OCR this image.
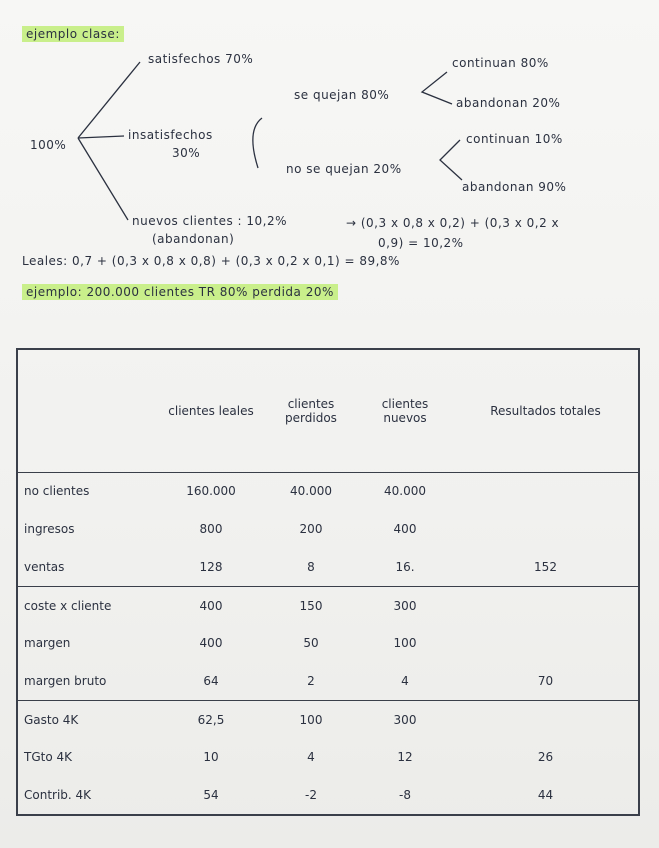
ejemplo clase:
100%
satisfechos 70%
insatisfechos
30%
se quejan 80%
continuan 80%
abandonan 20%
no se quejan 20%
continuan 10%
abandonan 90%
nuevos clientes : 10,2%
(abandonan)
→ (0,3 x 0,8 x 0,2) + (0,3 x 0,2 x
0,9) = 10,2%
Leales: 0,7 + (0,3 x 0,8 x 0,8) + (0,3 x 0,2 x 0,1) = 89,8%
ejemplo: 200.000 clientes TR 80% perdida 20%
	clientes leales	clientes perdidos	clientes nuevos	Resultados totales
no clientes	160.000	40.000	40.000	
ingresos	800	200	400	
ventas	128	8	16.	152
coste x cliente	400	150	300	
margen	400	50	100	
margen bruto	64	2	4	70
Gasto 4K	62,5	100	300	
TGto 4K	10	4	12	26
Contrib. 4K	54	-2	-8	44
